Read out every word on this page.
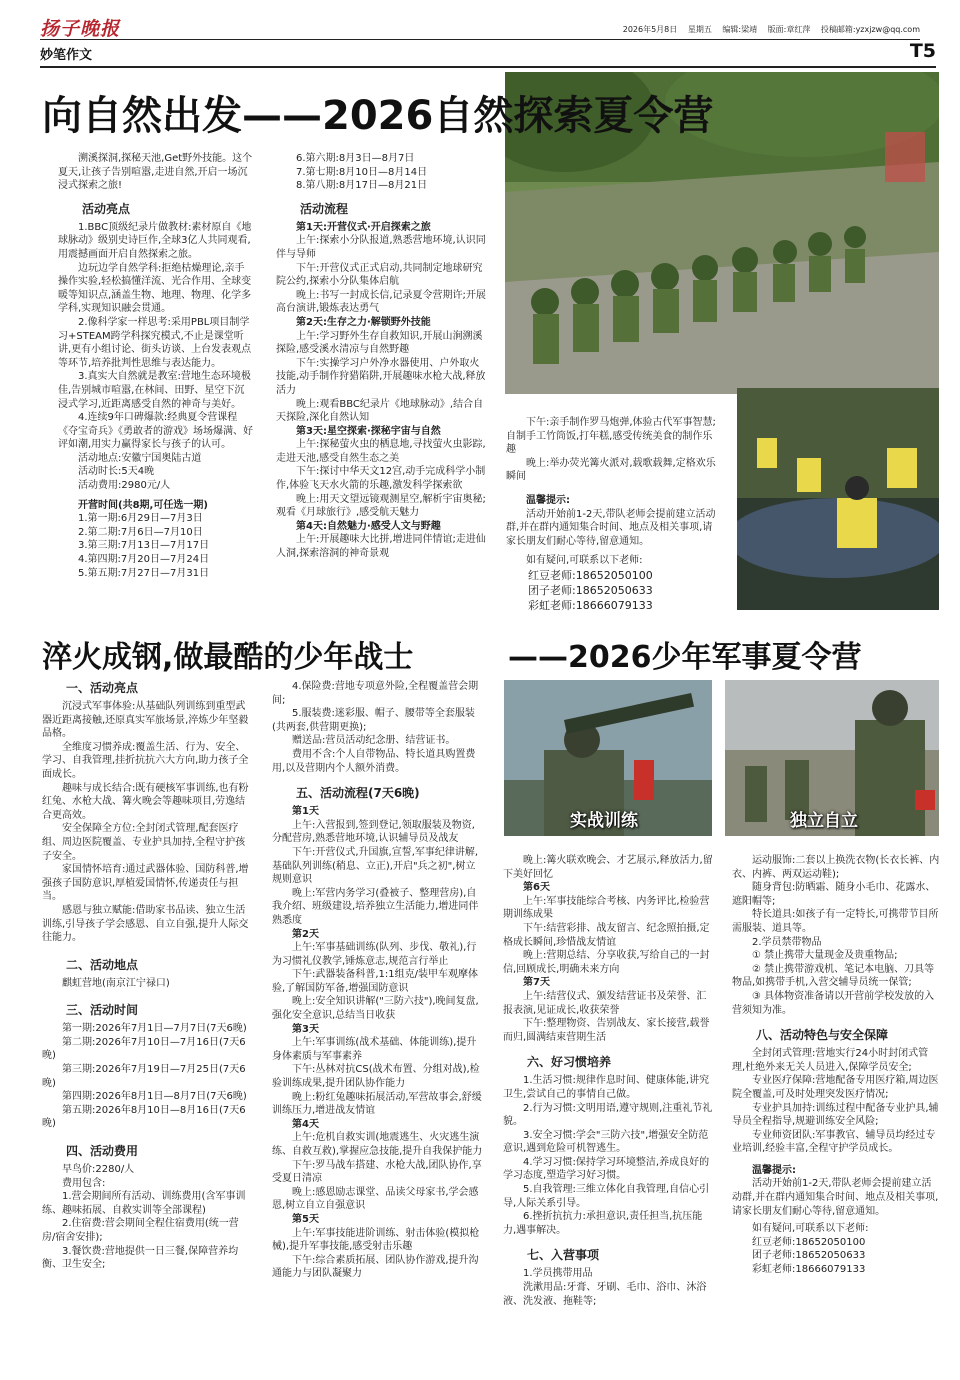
扬子晚报	2026年5月8日 星期五 编辑:梁靖 版面:章红萍 投稿邮箱:yzxjzw@qq.com
妙笔作文	T5
向自然出发——2026自然探索夏令营

溯溪探洞,探秘天池,Get野外技能。这个夏天,让孩子告别喧嚣,走进自然,开启一场沉浸式探索之旅!

活动亮点

1.BBC顶级纪录片做教材:素材原自《地球脉动》级别史诗巨作,全球3亿人共同观看,用震撼画面开启自然探索之旅。

边玩边学自然学科:拒绝枯燥理论,亲手操作实验,轻松搞懂洋流、光合作用、全球变暖等知识点,涵盖生物、地理、物理、化学多学科,实现知识融会贯通。

2.像科学家一样思考:采用PBL项目制学习+STEAM跨学科探究模式,不止是课堂听讲,更有小组讨论、街头访谈、上台发表观点等环节,培养批判性思维与表达能力。

3.真实大自然就是教室:营地生态环境极佳,告别城市喧嚣,在林间、田野、星空下沉浸式学习,近距离感受自然的神奇与美好。

4.连续9年口碑爆款:经典夏令营课程《夺宝奇兵》《勇敢者的游戏》场场爆满、好评如潮,用实力赢得家长与孩子的认可。

活动地点:安徽宁国奥陆古道

活动时长:5天4晚

活动费用:2980元/人

开营时间(共8期,可任选一期)

1.第一期:6月29日—7月3日

2.第二期:7月6日—7月10日

3.第三期:7月13日—7月17日

4.第四期:7月20日—7月24日

5.第五期:7月27日—7月31日

6.第六期:8月3日—8月7日

7.第七期:8月10日—8月14日

8.第八期:8月17日—8月21日

活动流程

第1天:开营仪式·开启探索之旅

上午:探索小分队报道,熟悉营地环境,认识同伴与导师

下午:开营仪式正式启动,共同制定地球研究院公约,探索小分队集体启航

晚上:书写一封成长信,记录夏令营期许;开展高台演讲,锻炼表达勇气

第2天:生存之力·解锁野外技能

上午:学习野外生存自救知识,开展山涧溯溪探险,感受溪水清凉与自然野趣

下午:实操学习户外净水器使用、户外取火技能,动手制作狩猎陷阱,开展趣味水枪大战,释放活力

晚上:观看BBC纪录片《地球脉动》,结合自天探险,深化自然认知

第3天:星空探索·探秘宇宙与自然

上午:探秘萤火虫的栖息地,寻找萤火虫影踪,走进天池,感受自然生态之美

下午:探讨中华天文12宫,动手完成科学小制作,体验飞天水火箭的乐趣,激发科学探索欲

晚上:用天文望远镜观测星空,解析宇宙奥秘;观看《月球旅行》,感受航天魅力

第4天:自然魅力·感受人文与野趣

上午:开展趣味大比拼,增进同伴情谊;走进仙人洞,探索溶洞的神奇景观

下午:亲手制作罗马炮弹,体验古代军事智慧;自制手工竹筒饭,打年糕,感受传统美食的制作乐趣

晚上:举办荧光篝火派对,载歌载舞,定格欢乐瞬间

温馨提示:

活动开始前1-2天,带队老师会提前建立活动群,并在群内通知集合时间、地点及相关事项,请家长朋友们耐心等待,留意通知。

如有疑问,可联系以下老师:

红豆老师:18652050100

团子老师:18652050633

彩虹老师:18666079133

淬火成钢,做最酷的少年战士	——2026少年军事夏令营
实战训练	独立自立

一、活动亮点

沉浸式军事体验:从基础队列训练到重型武器近距离接触,还原真实军旅场景,淬炼少年坚毅品格。

全维度习惯养成:覆盖生活、行为、安全、学习、自我管理,挂折抗抗六大方向,助力孩子全面成长。

趣味与成长结合:既有硬核军事训练,也有粉红兔、水枪大战、篝火晚会等趣味项目,劳逸结合更高效。

安全保障全方位:全封闭式管理,配套医疗组、周边医院覆盖、专业护具加持,全程守护孩子安全。

家国情怀培育:通过武器体验、国防科普,增强孩子国防意识,厚植爱国情怀,传递责任与担当。

感恩与独立赋能:借助家书品读、独立生活训练,引导孩子学会感恩、自立自强,提升人际交往能力。

二、活动地点

麒虹营地(南京江宁禄口)

三、活动时间

第一期:2026年7月1日—7月7日(7天6晚)

第二期:2026年7月10日—7月16日(7天6晚)

第三期:2026年7月19日—7月25日(7天6晚)

第四期:2026年8月1日—8月7日(7天6晚)

第五期:2026年8月10日—8月16日(7天6晚)

四、活动费用

早鸟价:2280/人

费用包含:

1.营会期间所有活动、训练费用(含军事训练、趣味拓展、自救实训等全部课程)

2.住宿费:营会期间全程住宿费用(统一营房/宿舍安排);

3.餐饮费:营地提供一日三餐,保障营养均衡、卫生安全;

4.保险费:营地专项意外险,全程覆盖营会期间;

5.服装费:迷彩服、帽子、腰带等全套服装(共两套,供营期更换);

赠送品:营员活动纪念册、结营证书。

费用不含:个人自带物品、特长道具购置费用,以及营期内个人额外消费。

五、活动流程(7天6晚)

第1天

上午:入营报到,签到登记,领取服装及物资,分配营房,熟悉营地环境,认识辅导员及战友

下午:开营仪式,升国旗,宣誓,军事纪律讲解,基础队列训练(稍息、立正),开启"兵之初",树立规则意识

晚上:军营内务学习(叠被子、整理营房),自我介绍、班级建设,培养独立生活能力,增进同伴熟悉度

第2天

上午:军事基础训练(队列、步伐、敬礼),行为习惯礼仪教学,锤炼意志,规范言行举止

下午:武器装备科普,1:1组克/装甲车观摩体验,了解国防军备,增强国防意识

晚上:安全知识讲解("三防六技"),晚间复盘,强化安全意识,总结当日收获

第3天

上午:军事训练(战术基础、体能训练),提升身体素质与军事素养

下午:丛林对抗CS(战术布置、分组对战),检验训练成果,提升团队协作能力

晚上:粉红兔趣味拓展活动,军营故事会,舒缓训练压力,增进战友情谊

第4天

上午:危机自救实训(地震逃生、火灾逃生演练、自救互救),掌握应急技能,提升自我保护能力

下午:罗马战车搭建、水枪大战,团队协作,享受夏日清凉

晚上:感恩励志课堂、品读父母家书,学会感恩,树立自立自强意识

第5天

上午:军事技能进阶训练、射击体验(模拟枪械),提升军事技能,感受射击乐趣

下午:综合素质拓展、团队协作游戏,提升沟通能力与团队凝聚力

晚上:篝火联欢晚会、才艺展示,释放活力,留下美好回忆

第6天

上午:军事技能综合考核、内务评比,检验营期训练成果

下午:结营彩排、战友留言、纪念照拍摄,定格成长瞬间,珍惜战友情谊

晚上:营期总结、分享收获,写给自己的一封信,回顾成长,明确未来方向

第7天

上午:结营仪式、颁发结营证书及荣誉、汇报表演,见证成长,收获荣誉

下午:整理物资、告别战友、家长接营,载誉而归,圆满结束营期生活

六、好习惯培养

1.生活习惯:规律作息时间、健康体能,讲究卫生,尝试自己的事情自己做。

2.行为习惯:文明用语,遵守规则,注重礼节礼貌。

3.安全习惯:学会"三防六技",增强安全防范意识,遇到危险可机智逃生。

4.学习习惯:保持学习环境整洁,养成良好的学习态度,塑造学习好习惯。

5.自我管理:三维立体化自我管理,自信心引导,人际关系引导。

6.挫折抗抗力:承担意识,责任担当,抗压能力,遇事解决。

七、入营事项

1.学员携带用品

洗漱用品:牙膏、牙刷、毛巾、浴巾、沐浴液、洗发液、拖鞋等;

运动服饰:二套以上换洗衣物(长衣长裤、内衣、内裤、两双运动鞋);

随身背包:防晒霜、随身小毛巾、花露水、遮阳帽等;

特长道具:如孩子有一定特长,可携带节目所需服装、道具等。

2.学员禁带物品

① 禁止携带大量现金及贵重物品;

② 禁止携带游戏机、笔记本电脑、刀具等物品,如携带手机,入营交辅导员统一保管;

③ 具体物资准备请以开营前学校发放的入营须知为准。

八、活动特色与安全保障

全封闭式管理:营地实行24小时封闭式管理,杜绝外来无关人员进入,保障学员安全;

专业医疗保障:营地配备专用医疗箱,周边医院全覆盖,可及时处理突发医疗情况;

专业护具加持:训练过程中配备专业护具,辅导员全程指导,规避训练安全风险;

专业师资团队:军事教官、辅导员均经过专业培训,经验丰富,全程守护学员成长。

温馨提示:

活动开始前1-2天,带队老师会提前建立活动群,并在群内通知集合时间、地点及相关事项,请家长朋友们耐心等待,留意通知。

如有疑问,可联系以下老师:

红豆老师:18652050100

团子老师:18652050633

彩虹老师:18666079133
